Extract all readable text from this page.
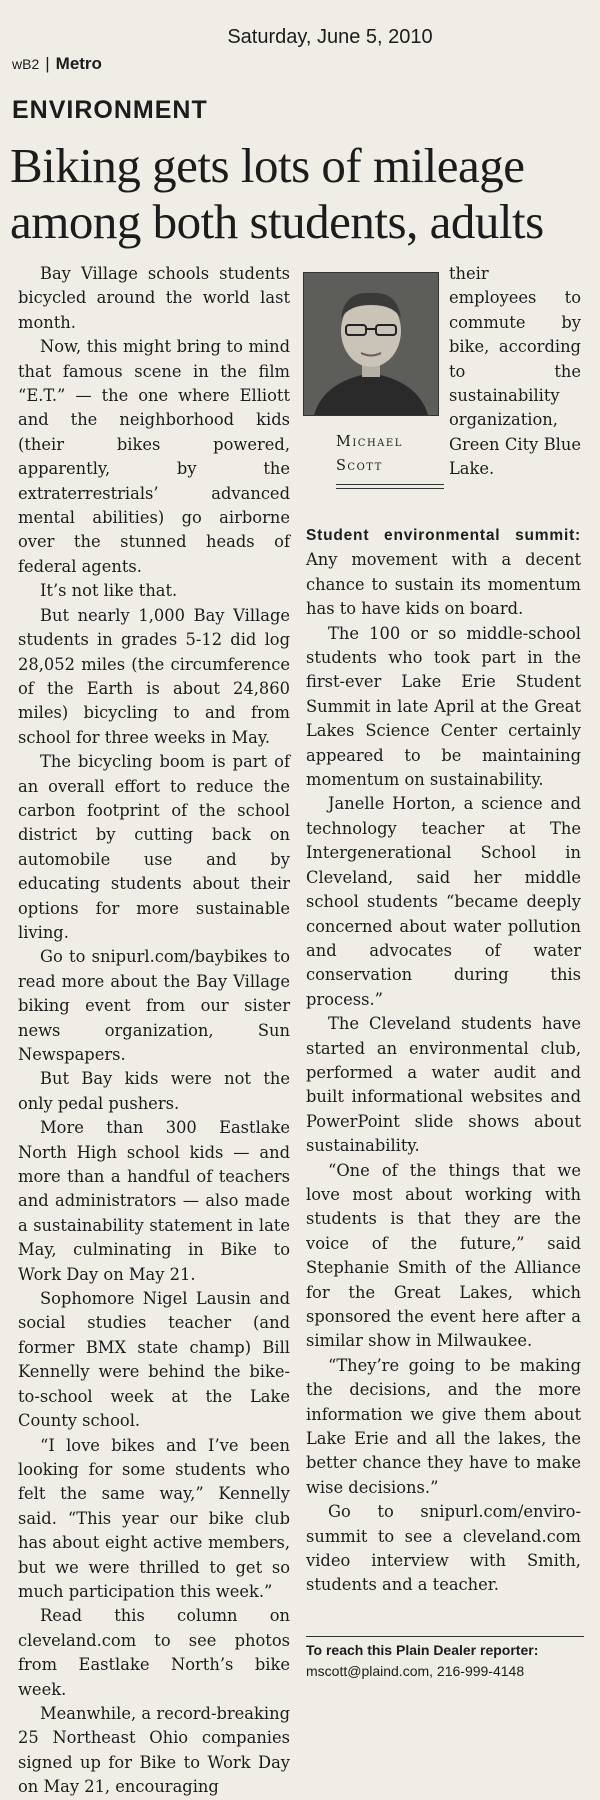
Saturday, June 5, 2010
wB2 | Metro
ENVIRONMENT
Biking gets lots of mileage
among both students, adults

Bay Village schools students bicycled around the world last month.

Now, this might bring to mind that famous scene in the film “E.T.” — the one where Elliott and the neighborhood kids (their bikes powered, apparently, by the extraterrestrials’ advanced mental abilities) go airborne over the stunned heads of federal agents.

It’s not like that.

But nearly 1,000 Bay Village students in grades 5-12 did log 28,052 miles (the circumference of the Earth is about 24,860 miles) bicycling to and from school for three weeks in May.

The bicycling boom is part of an overall effort to reduce the carbon footprint of the school district by cutting back on automobile use and by educating students about their options for more sustainable living.

Go to snipurl.com/baybikes to read more about the Bay Village biking event from our sister news organization, Sun Newspapers.

But Bay kids were not the only pedal pushers.

More than 300 Eastlake North High school kids — and more than a handful of teachers and administrators — also made a sustainability statement in late May, culminating in Bike to Work Day on May 21.

Sophomore Nigel Lausin and social studies teacher (and former BMX state champ) Bill Kennelly were behind the bike-to-school week at the Lake County school.

“I love bikes and I’ve been looking for some students who felt the same way,” Kennelly said. “This year our bike club has about eight active members, but we were thrilled to get so much participation this week.”

Read this column on cleveland.com to see photos from Eastlake North’s bike week.

Meanwhile, a record-breaking 25 Northeast Ohio companies signed up for Bike to Work Day on May 21, encouraging

Michael
Scott

their employees to commute by bike, according to the sustainability organization, Green City Blue Lake.

Student environmental summit: Any movement with a decent chance to sustain its momentum has to have kids on board.

The 100 or so middle-school students who took part in the first-ever Lake Erie Student Summit in late April at the Great Lakes Science Center certainly appeared to be maintaining momentum on sustainability.

Janelle Horton, a science and technology teacher at The Intergenerational School in Cleveland, said her middle school students “became deeply concerned about water pollution and advocates of water conservation during this process.”

The Cleveland students have started an environmental club, performed a water audit and built informational websites and PowerPoint slide shows about sustainability.

“One of the things that we love most about working with students is that they are the voice of the future,” said Stephanie Smith of the Alliance for the Great Lakes, which sponsored the event here after a similar show in Milwaukee.

“They’re going to be making the decisions, and the more information we give them about Lake Erie and all the lakes, the better chance they have to make wise decisions.”

Go to snipurl.com/enviro-summit to see a cleveland.com video interview with Smith, students and a teacher.

To reach this Plain Dealer reporter:
mscott@plaind.com, 216-999-4148
